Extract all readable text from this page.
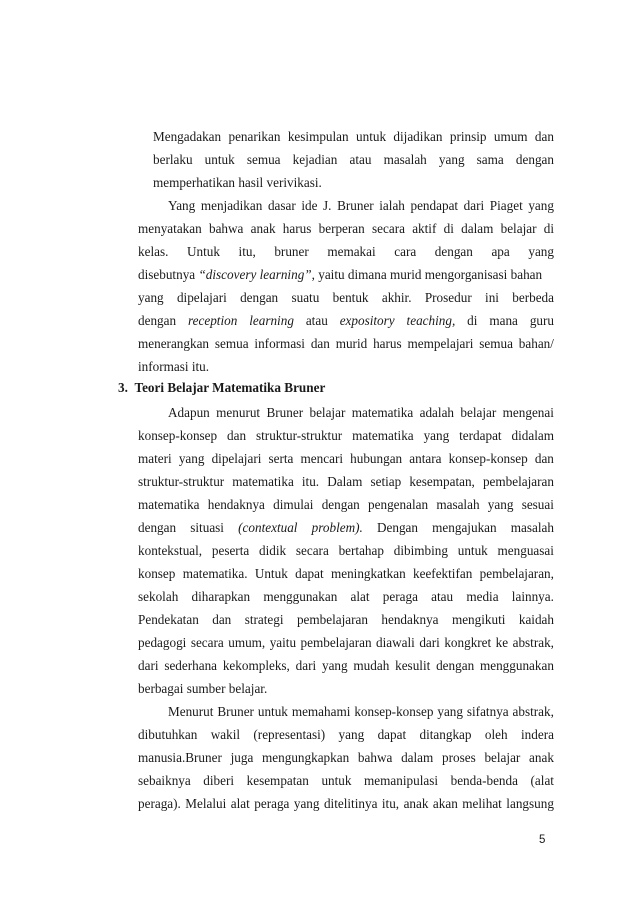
Mengadakan penarikan kesimpulan untuk dijadikan prinsip umum dan
berlaku untuk semua kejadian atau masalah yang sama dengan
memperhatikan hasil verivikasi.
Yang menjadikan dasar ide J. Bruner ialah pendapat dari Piaget yang
menyatakan bahwa anak harus berperan secara aktif di dalam belajar di
kelas. Untuk itu, bruner memakai cara dengan apa yang
disebutnya “discovery learning”, yaitu dimana murid mengorganisasi bahan
yang dipelajari dengan suatu bentuk akhir. Prosedur ini berbeda
dengan reception learning atau expository teaching, di mana guru
menerangkan semua informasi dan murid harus mempelajari semua bahan/
informasi itu.
3. Teori Belajar Matematika Bruner
Adapun menurut Bruner belajar matematika adalah belajar mengenai
konsep-konsep dan struktur-struktur matematika yang terdapat didalam
materi yang dipelajari serta mencari hubungan antara konsep-konsep dan
struktur-struktur matematika itu. Dalam setiap kesempatan, pembelajaran
matematika hendaknya dimulai dengan pengenalan masalah yang sesuai
dengan situasi (contextual problem). Dengan mengajukan masalah
kontekstual, peserta didik secara bertahap dibimbing untuk menguasai
konsep matematika. Untuk dapat meningkatkan keefektifan pembelajaran,
sekolah diharapkan menggunakan alat peraga atau media lainnya.
Pendekatan dan strategi pembelajaran hendaknya mengikuti kaidah
pedagogi secara umum, yaitu pembelajaran diawali dari kongkret ke abstrak,
dari sederhana kekompleks, dari yang mudah kesulit dengan menggunakan
berbagai sumber belajar.
Menurut Bruner untuk memahami konsep-konsep yang sifatnya abstrak,
dibutuhkan wakil (representasi) yang dapat ditangkap oleh indera
manusia.Bruner juga mengungkapkan bahwa dalam proses belajar anak
sebaiknya diberi kesempatan untuk memanipulasi benda-benda (alat
peraga). Melalui alat peraga yang ditelitinya itu, anak akan melihat langsung
5
